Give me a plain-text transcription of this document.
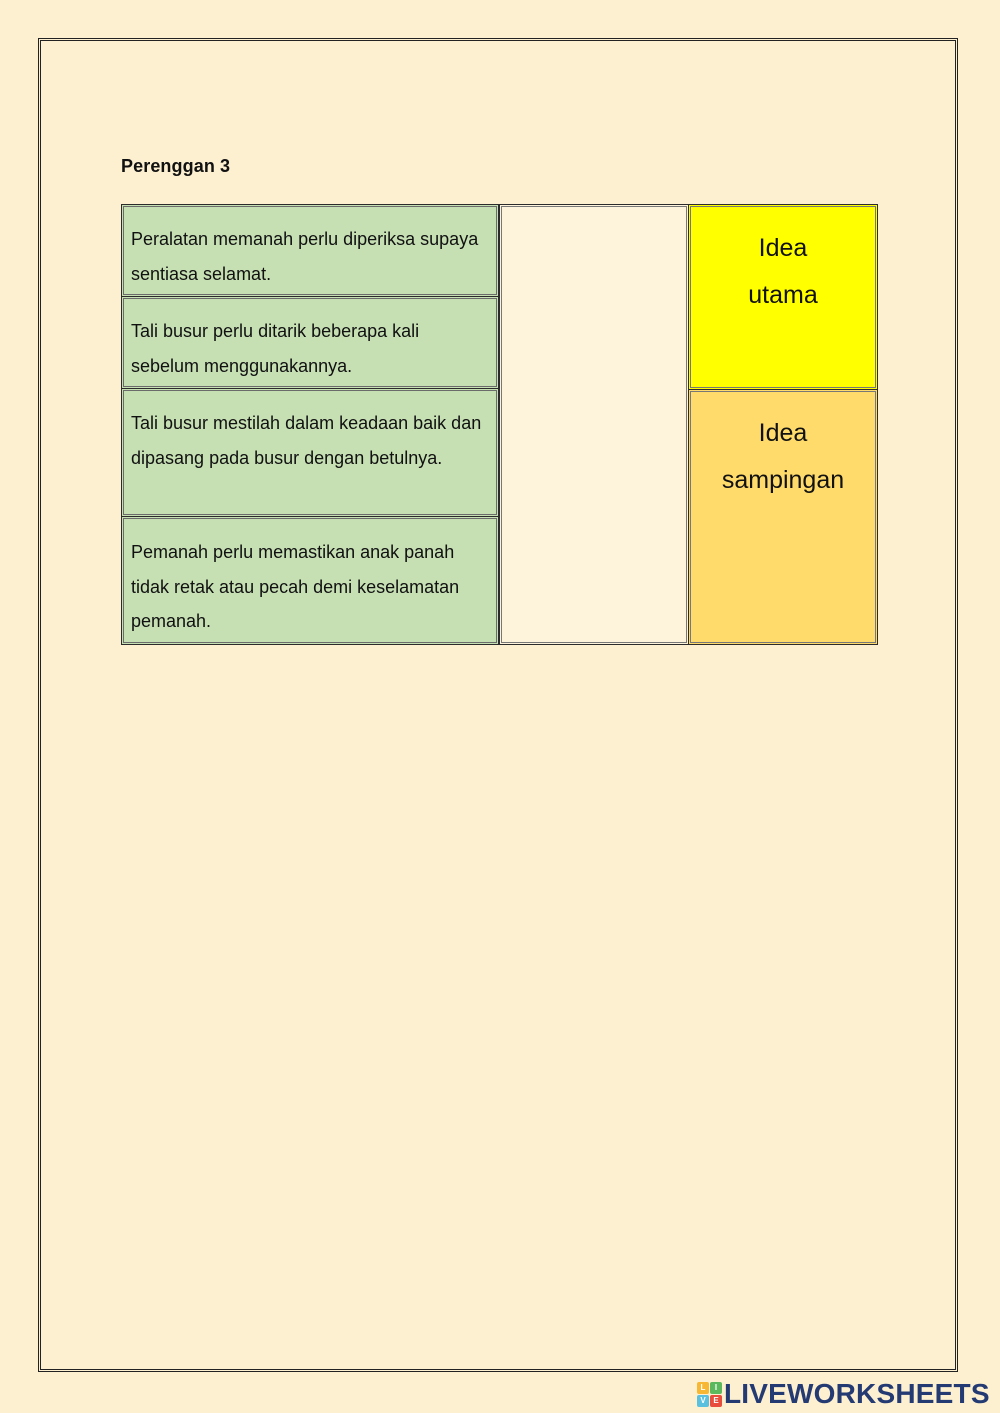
Perenggan 3
Peralatan memanah perlu diperiksa supaya sentiasa selamat.
Tali busur perlu ditarik beberapa kali sebelum menggunakannya.
Tali busur mestilah dalam keadaan baik dan dipasang pada busur dengan betulnya.
Pemanah perlu memastikan anak panah tidak retak atau pecah demi keselamatan pemanah.
Idea
utama
Idea
sampingan
L	I
V E LIVEWORKSHEETS
